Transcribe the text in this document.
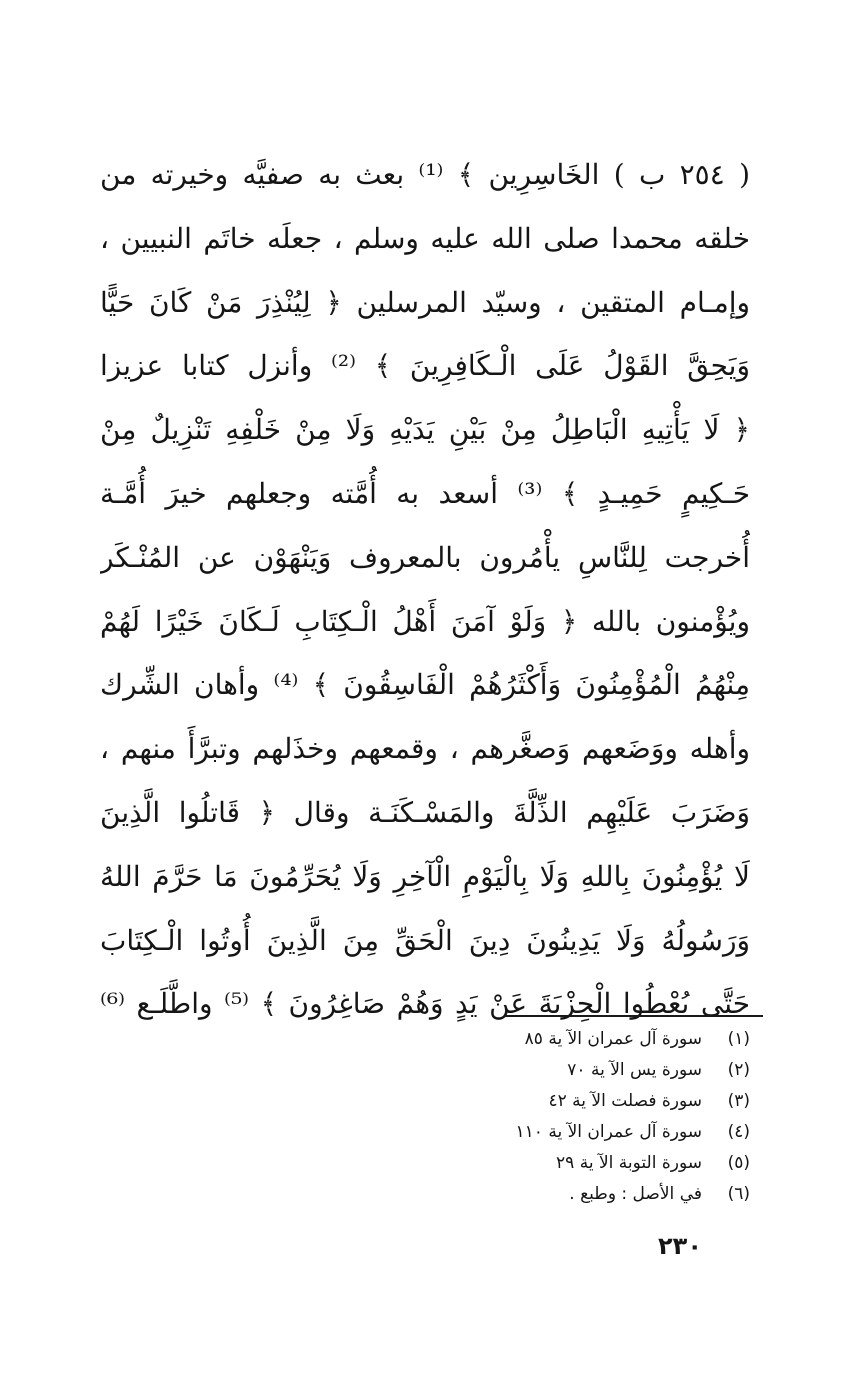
( ٢٥٤ ب ) الخَاسِرِين ﴾ ⁽¹⁾ بعث به صفيَّه وخيرته من
خلقه محمدا صلى الله عليه وسلم ، جعلَه خاتَم النبيين ،
وإمـام المتقين ، وسيّد المرسلين ﴿ لِيُنْذِرَ مَنْ كَانَ حَيًّا
وَيَحِقَّ القَوْلُ عَلَى الْـكَافِرِينَ ﴾ ⁽²⁾ وأنزل كتابا عزيزا
﴿ لَا يَأْتِيهِ الْبَاطِلُ مِنْ بَيْنِ يَدَيْهِ وَلَا مِنْ خَلْفِهِ تَنْزِيلٌ مِنْ
حَـكِيمٍ حَمِيـدٍ ﴾ ⁽³⁾ أسعد به أُمَّته وجعلهم خيرَ أُمَّـة
أُخرجت لِلنَّاسِ يأْمُرون بالمعروف وَيَنْهَوْن عن المُنْـكَر
ويُؤْمنون بالله ﴿ وَلَوْ آمَنَ أَهْلُ الْـكِتَابِ لَـكَانَ خَيْرًا لَهُمْ
مِنْهُمُ الْمُؤْمِنُونَ وَأَكْثَرُهُمْ الْفَاسِقُونَ ﴾ ⁽⁴⁾ وأهان الشِّرك
وأهله ووَضَعهم وَصغَّرهم ، وقمعهم وخذَلهم وتبرَّأَ منهم ،
وَضَرَبَ عَلَيْهِم الذِّلَّةَ والمَسْـكَنَـة وقال ﴿ قَاتلُوا الَّذِينَ
لَا يُؤْمِنُونَ بِاللهِ وَلَا بِالْيَوْمِ الْآخِرِ وَلَا يُحَرِّمُونَ مَا حَرَّمَ اللهُ
وَرَسُولُهُ وَلَا يَدِينُونَ دِينَ الْحَقِّ مِنَ الَّذِينَ أُوتُوا الْـكِتَابَ
حَتَّى يُعْطُوا الْجِزْيَةَ عَنْ يَدٍ وَهُمْ صَاغِرُونَ ﴾ ⁽⁵⁾ واطَّلَـع ⁽⁶⁾
(١)
سورة آل عمران الآ ية ٨٥
(٢)
سورة يس الآ ية ٧٠
(٣)
سورة فصلت الآ ية ٤٢
(٤)
سورة آل عمران الآ ية ١١٠
(٥)
سورة التوبة الآ ية ٢٩
(٦)
في الأصل : وطبع .
٢٣٠
